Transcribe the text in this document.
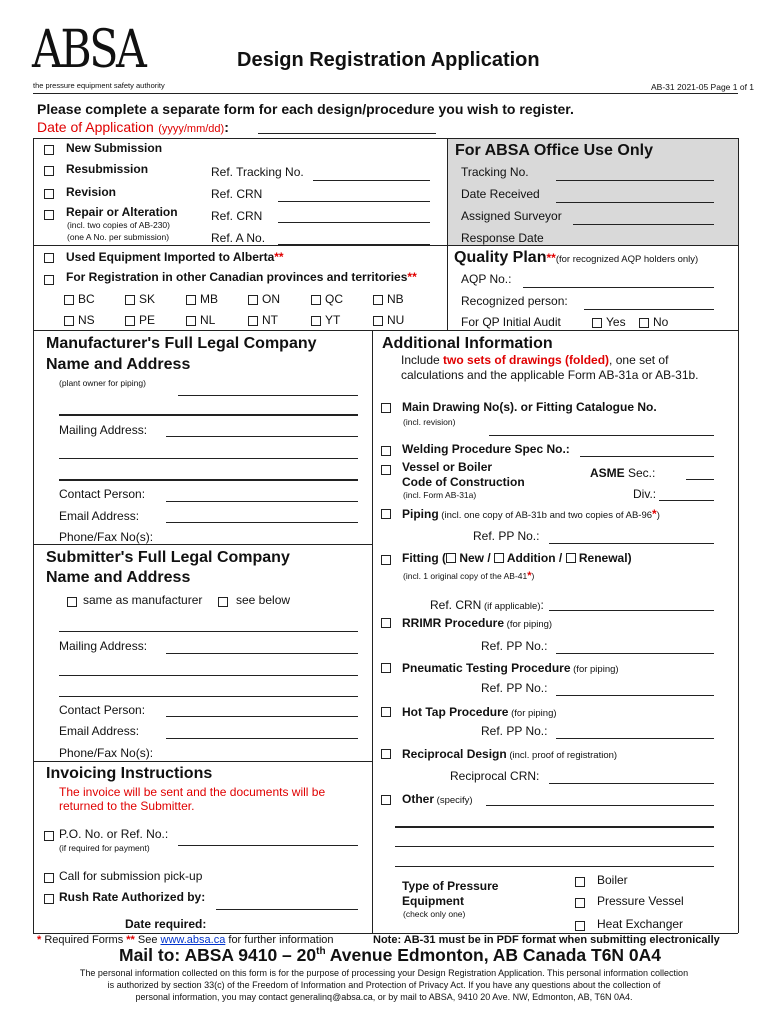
ABSA
the pressure equipment safety authority
Design Registration Application
AB-31 2021-05 Page 1 of 1
Please complete a separate form for each design/procedure you wish to register.
Date of Application (yyyy/mm/dd):
New Submission
Resubmission	Ref. Tracking No.
Revision	Ref. CRN
Repair or Alteration	Ref. CRN
(incl. two copies of AB-230)
(one A No. per submission)	Ref. A No.
Used Equipment Imported to Alberta**
For Registration in other Canadian provinces and territories**
BC	SK	MB	ON	QC	NB
NS	PE	NL	NT	YT	NU
For ABSA Office Use Only
Tracking No.
Date Received
Assigned Surveyor
Response Date
Quality Plan**(for recognized AQP holders only)
AQP No.:
Recognized person:
For QP Initial Audit	Yes No
Manufacturer's Full Legal Company
Name and Address
(plant owner for piping)
Mailing Address:
Contact Person:
Email Address:
Phone/Fax No(s):
Submitter's Full Legal Company
Name and Address
same as manufacturer	see below
Mailing Address:
Contact Person:
Email Address:
Phone/Fax No(s):
Invoicing Instructions
The invoice will be sent and the documents will be
returned to the Submitter.
P.O. No. or Ref. No.:
(if required for payment)
Call for submission pick-up
Rush Rate Authorized by:
Date required:
Additional Information
Include two sets of drawings (folded), one set of
calculations and the applicable Form AB-31a or AB-31b.
Main Drawing No(s). or Fitting Catalogue No.
(incl. revision)
Welding Procedure Spec No.:
Vessel or Boiler	ASME Sec.:
Code of Construction
(incl. Form AB-31a)	Div.:
Piping (incl. one copy of AB-31b and two copies of AB-96*)
Ref. PP No.:
Fitting ( New /  Addition /  Renewal)
(incl. 1 original copy of the AB-41*)
Ref. CRN (if applicable):
RRIMR Procedure (for piping)
Ref. PP No.:
Pneumatic Testing Procedure (for piping)
Ref. PP No.:
Hot Tap Procedure (for piping)
Ref. PP No.:
Reciprocal Design (incl. proof of registration)
Reciprocal CRN:
Other (specify)
Type of Pressure
Equipment
(check only one)
Boiler
Pressure Vessel
Heat Exchanger
* Required Forms ** See www.absa.ca for further information	Note: AB-31 must be in PDF format when submitting electronically
Mail to: ABSA 9410 – 20th Avenue Edmonton, AB Canada T6N 0A4
The personal information collected on this form is for the purpose of processing your Design Registration Application. This personal information collection
is authorized by section 33(c) of the Freedom of Information and Protection of Privacy Act. If you have any questions about the collection of
personal information, you may contact generalinq@absa.ca, or by mail to ABSA, 9410 20 Ave. NW, Edmonton, AB, T6N 0A4.
